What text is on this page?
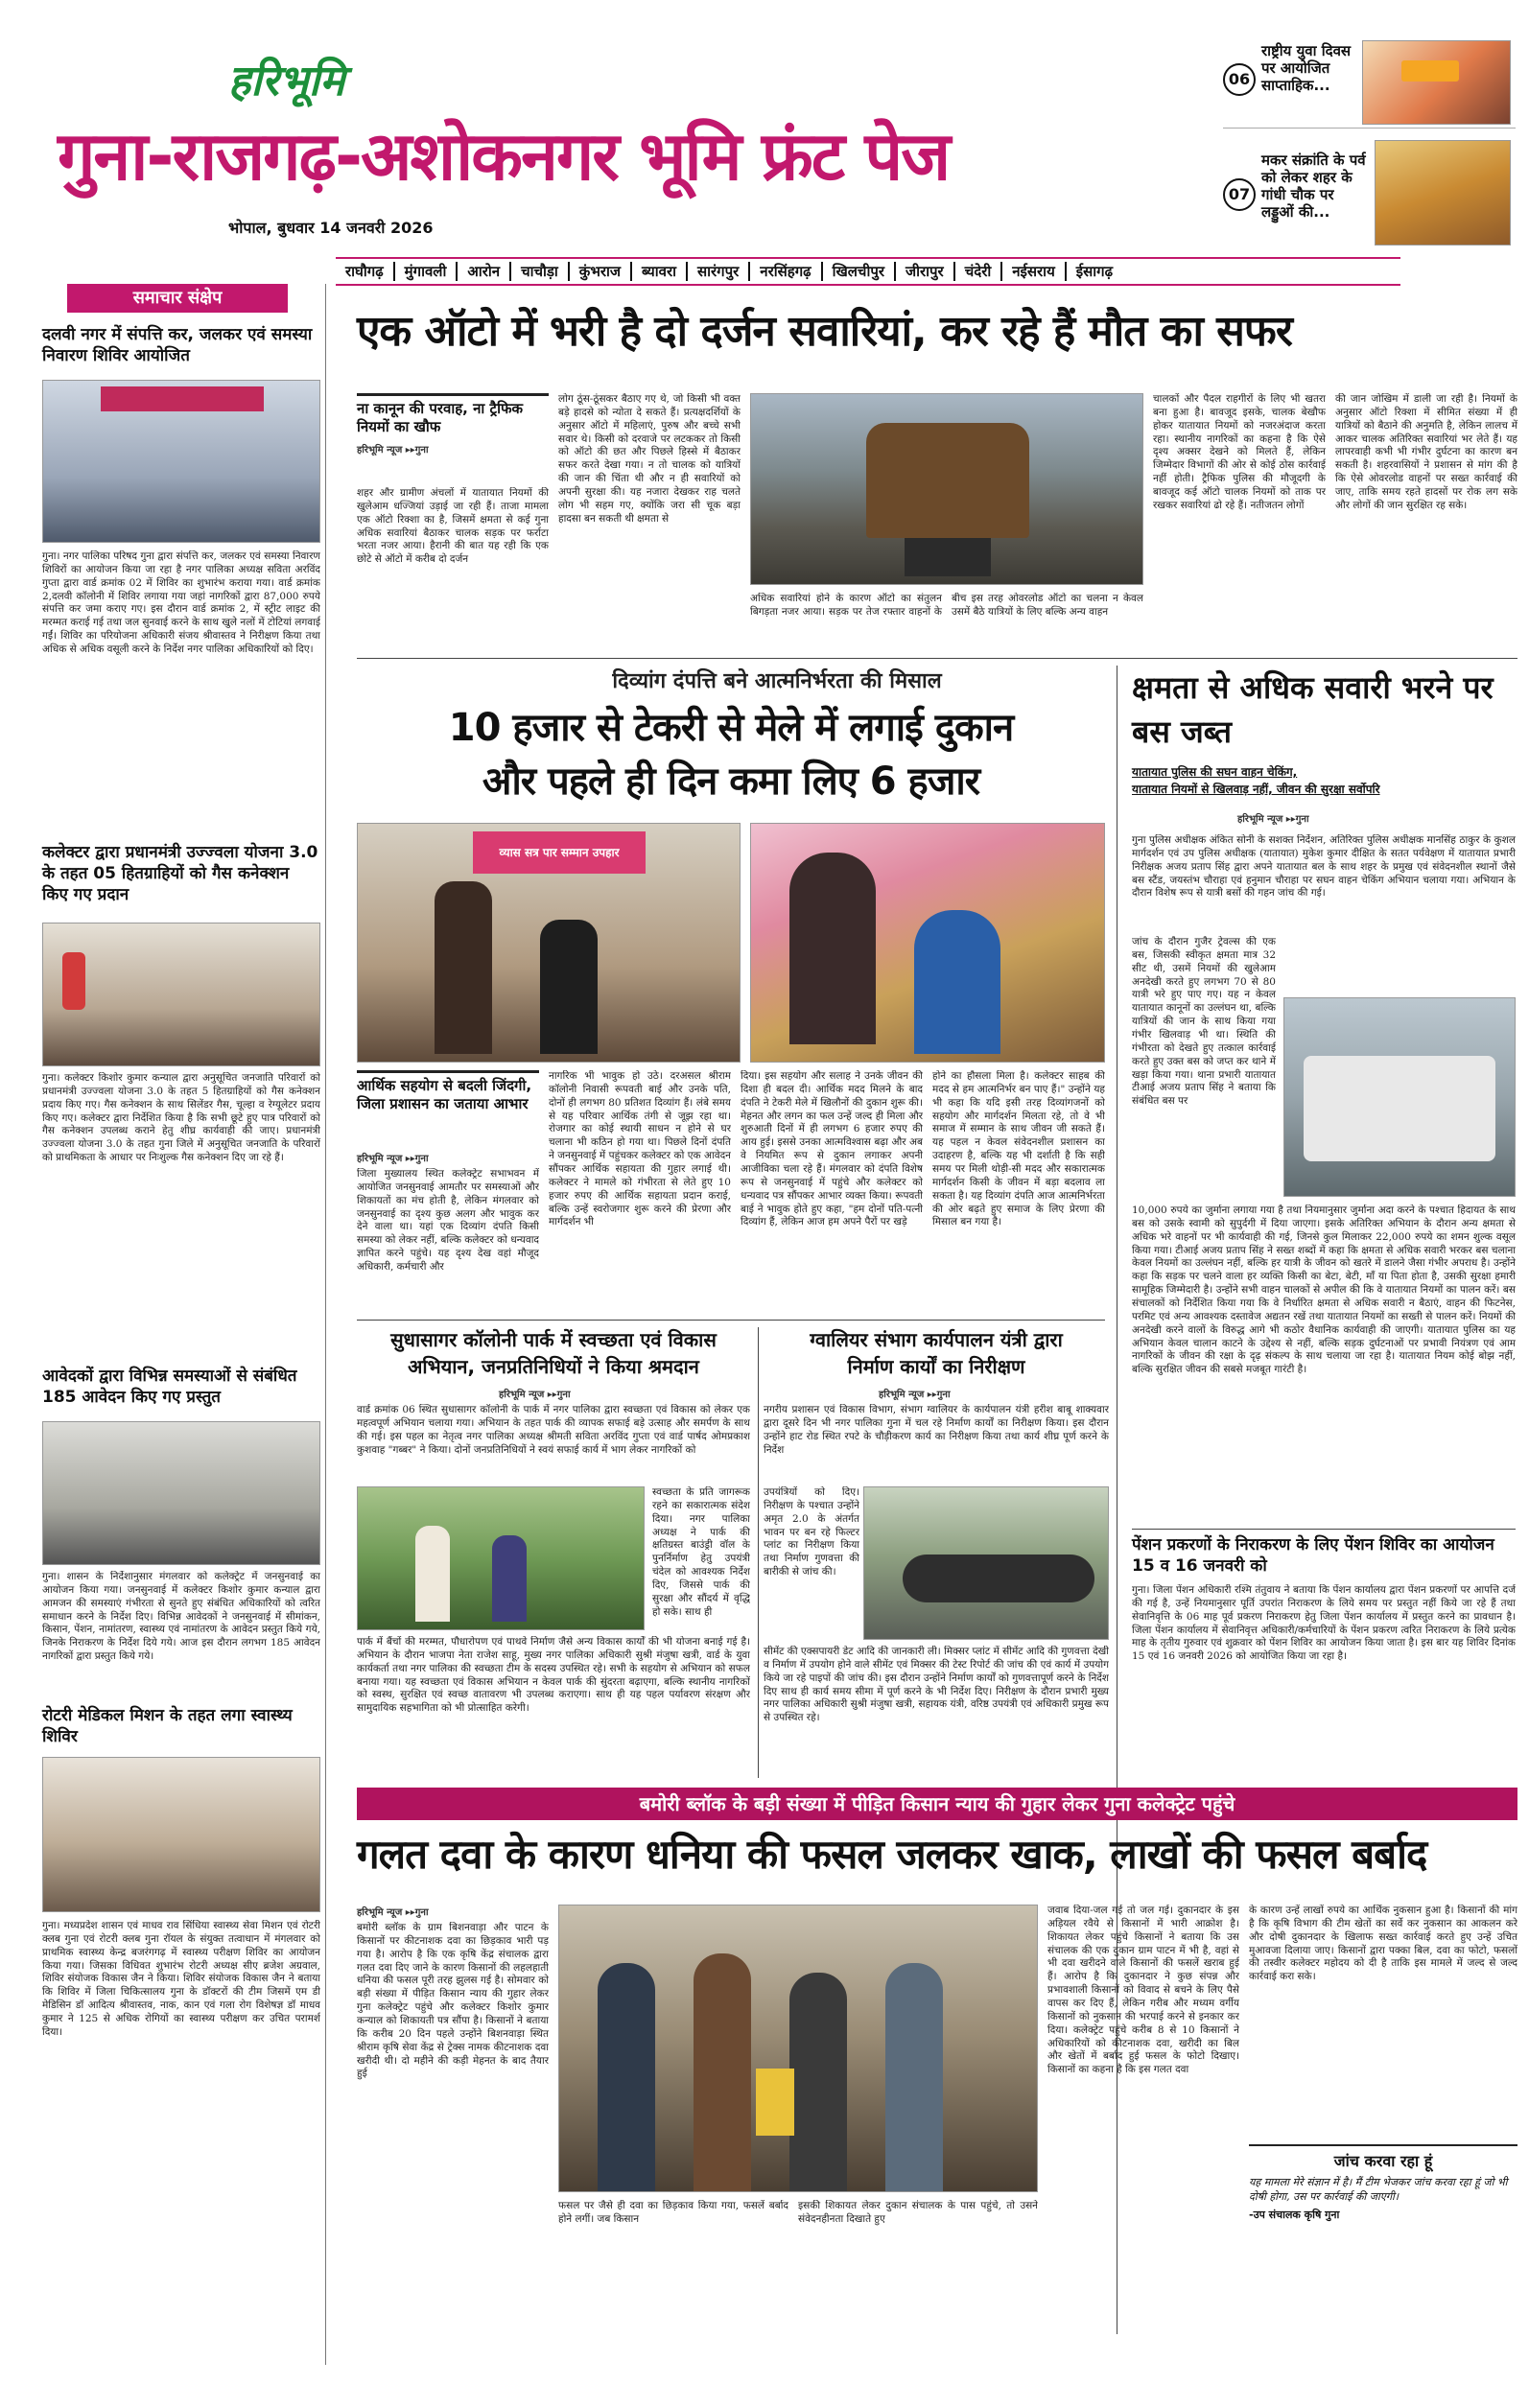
हरिभूमि
गुना-राजगढ़-अशोकनगर भूमि फ्रंट पेज
भोपाल, बुधवार 14 जनवरी 2026
06
राष्ट्रीय युवा दिवस पर आयोजित साप्ताहिक...
07
मकर संक्रांति के पर्व को लेकर शहर के गांधी चौक पर लड्डुओं की...
राघौगढ़	मुंगावली	आरोन	चाचौड़ा	कुंभराज	ब्यावरा	सारंगपुर	नरसिंहगढ़	खिलचीपुर	जीरापुर	चंदेरी	नईसराय	ईसागढ़
समाचार संक्षेप
दलवी नगर में संपत्ति कर, जलकर एवं समस्या निवारण शिविर आयोजित
गुना। नगर पालिका परिषद गुना द्वारा संपत्ति कर, जलकर एवं समस्या निवारण शिविरों का आयोजन किया जा रहा है नगर पालिका अध्यक्ष सविता अरविंद गुप्ता द्वारा वार्ड क्रमांक 02 में शिविर का शुभारंभ कराया गया। वार्ड क्रमांक 2,दलवी कॉलोनी में शिविर लगाया गया जहां नागरिकों द्वारा 87,000 रुपये संपत्ति कर जमा कराए गए। इस दौरान वार्ड क्रमांक 2, में स्ट्रीट लाइट की मरम्मत कराई गई तथा जल सुनवाई करने के साथ खुले नलों में टोटियां लगवाई गईं। शिविर का परियोजना अधिकारी संजय श्रीवास्तव ने निरीक्षण किया तथा अधिक से अधिक वसूली करने के निर्देश नगर पालिका अधिकारियों को दिए।
कलेक्टर द्वारा प्रधानमंत्री उज्ज्वला योजना 3.0 के तहत 05 हितग्राहियों को गैस कनेक्शन किए गए प्रदान
गुना। कलेक्टर किशोर कुमार कन्याल द्वारा अनुसूचित जनजाति परिवारों को प्रधानमंत्री उज्ज्वला योजना 3.0 के तहत 5 हितग्राहियों को गैस कनेक्शन प्रदाय किए गए। गैस कनेक्शन के साथ सिलेंडर गैस, चूल्हा व रेग्यूलेटर प्रदाय किए गए। कलेक्टर द्वारा निर्देशित किया है कि सभी छूटे हुए पात्र परिवारों को गैस कनेक्शन उपलब्ध कराने हेतु शीघ्र कार्यवाही की जाए। प्रधानमंत्री उज्ज्वला योजना 3.0 के तहत गुना जिले में अनुसूचित जनजाति के परिवारों को प्राथमिकता के आधार पर निःशुल्क गैस कनेक्शन दिए जा रहे हैं।
आवेदकों द्वारा विभिन्न समस्याओं से संबंधित 185 आवेदन किए गए प्रस्तुत
गुना। शासन के निर्देशानुसार मंगलवार को कलेक्ट्रेट में जनसुनवाई का आयोजन किया गया। जनसुनवाई में कलेक्टर किशोर कुमार कन्याल द्वारा आमजन की समस्याएं गंभीरता से सुनते हुए संबंधित अधिकारियों को त्वरित समाधान करने के निर्देश दिए। विभिन्न आवेदकों ने जनसुनवाई में सीमांकन, किसान, पेंशन, नामांतरण, स्वास्थ्य एवं नामांतरण के आवेदन प्रस्तुत किये गये, जिनके निराकरण के निर्देश दिये गये। आज इस दौरान लगभग 185 आवेदन नागरिकों द्वारा प्रस्तुत किये गये।
रोटरी मेडिकल मिशन के तहत लगा स्वास्थ्य शिविर
गुना। मध्यप्रदेश शासन एवं माधव राव सिंधिया स्वास्थ्य सेवा मिशन एवं रोटरी क्लब गुना एवं रोटरी क्लब गुना रॉयल के संयुक्त तत्वाधान में मंगलवार को प्राथमिक स्वास्थ्य केन्द्र बजरंगगढ़ में स्वास्थ्य परीक्षण शिविर का आयोजन किया गया। जिसका विधिवत शुभारंभ रोटरी अध्यक्ष सीए ब्रजेश अग्रवाल, शिविर संयोजक विकास जैन ने किया। शिविर संयोजक विकास जैन ने बताया कि शिविर में जिला चिकित्सालय गुना के डॉक्टरों की टीम जिसमें एम डी मेडिसिन डॉ आदित्य श्रीवास्तव, नाक, कान एवं गला रोग विशेषज्ञ डॉ माधव कुमार ने 125 से अधिक रोगियों का स्वास्थ्य परीक्षण कर उचित परामर्श दिया।
एक ऑटो में भरी है दो दर्जन सवारियां, कर रहे हैं मौत का सफर
ना कानून की परवाह, ना ट्रैफिक नियमों का खौफ
हरिभूमि न्यूज ▸▸गुना
शहर और ग्रामीण अंचलों में यातायात नियमों की खुलेआम धज्जियां उड़ाई जा रही हैं। ताजा मामला एक ऑटो रिक्शा का है, जिसमें क्षमता से कई गुना अधिक सवारियां बैठाकर चालक सड़क पर फर्राटा भरता नजर आया। हैरानी की बात यह रही कि एक छोटे से ऑटो में करीब दो दर्जन
लोग ठूंस-ठूंसकर बैठाए गए थे, जो किसी भी वक्त बड़े हादसे को न्योता दे सकते हैं। प्रत्यक्षदर्शियों के अनुसार ऑटो में महिलाएं, पुरुष और बच्चे सभी सवार थे। किसी को दरवाजे पर लटककर तो किसी को ऑटो की छत और पिछले हिस्से में बैठाकर सफर करते देखा गया। न तो चालक को यात्रियों की जान की चिंता थी और न ही सवारियों को अपनी सुरक्षा की। यह नजारा देखकर राह चलते लोग भी सहम गए, क्योंकि जरा सी चूक बड़ा हादसा बन सकती थी क्षमता से
अधिक सवारियां होने के कारण ऑटो का संतुलन बिगड़ता नजर आया। सड़क पर तेज रफ्तार वाहनों के बीच इस तरह ओवरलोड ऑटो का चलना न केवल उसमें बैठे यात्रियों के लिए बल्कि अन्य वाहन
चालकों और पैदल राहगीरों के लिए भी खतरा बना हुआ है। बावजूद इसके, चालक बेखौफ होकर यातायात नियमों को नजरअंदाज करता रहा। स्थानीय नागरिकों का कहना है कि ऐसे दृश्य अक्सर देखने को मिलते हैं, लेकिन जिम्मेदार विभागों की ओर से कोई ठोस कार्रवाई नहीं होती। ट्रैफिक पुलिस की मौजूदगी के बावजूद कई ऑटो चालक नियमों को ताक पर रखकर सवारियां ढो रहे हैं। नतीजतन लोगों
की जान जोखिम में डाली जा रही है। नियमों के अनुसार ऑटो रिक्शा में सीमित संख्या में ही यात्रियों को बैठाने की अनुमति है, लेकिन लालच में आकर चालक अतिरिक्त सवारियां भर लेते हैं। यह लापरवाही कभी भी गंभीर दुर्घटना का कारण बन सकती है। शहरवासियों ने प्रशासन से मांग की है कि ऐसे ओवरलोड वाहनों पर सख्त कार्रवाई की जाए, ताकि समय रहते हादसों पर रोक लग सके और लोगों की जान सुरक्षित रह सके।
दिव्यांग दंपत्ति बने आत्मनिर्भरता की मिसाल
10 हजार से टेकरी से मेले में लगाई दुकान
और पहले ही दिन कमा लिए 6 हजार
व्यास सत्र पार सम्मान उपहार
आर्थिक सहयोग से बदली जिंदगी, जिला प्रशासन का जताया आभार
हरिभूमि न्यूज ▸▸गुना
जिला मुख्यालय स्थित कलेक्ट्रेट सभाभवन में आयोजित जनसुनवाई आमतौर पर समस्याओं और शिकायतों का मंच होती है, लेकिन मंगलवार को जनसुनवाई का दृश्य कुछ अलग और भावुक कर देने वाला था। यहां एक दिव्यांग दंपति किसी समस्या को लेकर नहीं, बल्कि कलेक्टर को धन्यवाद ज्ञापित करने पहुंचे। यह दृश्य देख वहां मौजूद अधिकारी, कर्मचारी और
नागरिक भी भावुक हो उठे। दरअसल श्रीराम कॉलोनी निवासी रूपवती बाई और उनके पति, दोनों ही लगभग 80 प्रतिशत दिव्यांग हैं। लंबे समय से यह परिवार आर्थिक तंगी से जूझ रहा था। रोजगार का कोई स्थायी साधन न होने से घर चलाना भी कठिन हो गया था। पिछले दिनों दंपति ने जनसुनवाई में पहुंचकर कलेक्टर को एक आवेदन सौंपकर आर्थिक सहायता की गुहार लगाई थी। कलेक्टर ने मामले को गंभीरता से लेते हुए 10 हजार रुपए की आर्थिक सहायता प्रदान कराई, बल्कि उन्हें स्वरोजगार शुरू करने की प्रेरणा और मार्गदर्शन भी
दिया। इस सहयोग और सलाह ने उनके जीवन की दिशा ही बदल दी। आर्थिक मदद मिलने के बाद दंपति ने टेकरी मेले में खिलौनों की दुकान शुरू की। मेहनत और लगन का फल उन्हें जल्द ही मिला और शुरुआती दिनों में ही लगभग 6 हजार रुपए की आय हुई। इससे उनका आत्मविश्वास बढ़ा और अब वे नियमित रूप से दुकान लगाकर अपनी आजीविका चला रहे हैं। मंगलवार को दंपति विशेष रूप से जनसुनवाई में पहुंचे और कलेक्टर को धन्यवाद पत्र सौंपकर आभार व्यक्त किया। रूपवती बाई ने भावुक होते हुए कहा, "हम दोनों पति-पत्नी दिव्यांग हैं, लेकिन आज हम अपने पैरों पर खड़े
होने का हौसला मिला है। कलेक्टर साहब की मदद से हम आत्मनिर्भर बन पाए हैं।" उन्होंने यह भी कहा कि यदि इसी तरह दिव्यांगजनों को सहयोग और मार्गदर्शन मिलता रहे, तो वे भी समाज में सम्मान के साथ जीवन जी सकते हैं। यह पहल न केवल संवेदनशील प्रशासन का उदाहरण है, बल्कि यह भी दर्शाती है कि सही समय पर मिली थोड़ी-सी मदद और सकारात्मक मार्गदर्शन किसी के जीवन में बड़ा बदलाव ला सकता है। यह दिव्यांग दंपति आज आत्मनिर्भरता की ओर बढ़ते हुए समाज के लिए प्रेरणा की मिसाल बन गया है।
क्षमता से अधिक सवारी भरने पर बस जब्त
यातायात पुलिस की सघन वाहन चेकिंग,
यातायात नियमों से खिलवाड़ नहीं, जीवन की सुरक्षा सर्वोपरि
हरिभूमि न्यूज ▸▸गुना
गुना पुलिस अधीक्षक अंकित सोनी के सशक्त निर्देशन, अतिरिक्त पुलिस अधीक्षक मानसिंह ठाकुर के कुशल मार्गदर्शन एवं उप पुलिस अधीक्षक (यातायात) मुकेश कुमार दीक्षित के सतत पर्यवेक्षण में यातायात प्रभारी निरीक्षक अजय प्रताप सिंह द्वारा अपने यातायात बल के साथ शहर के प्रमुख एवं संवेदनशील स्थानों जैसे बस स्टैंड, जयस्तंभ चौराहा एवं हनुमान चौराहा पर सघन वाहन चेकिंग अभियान चलाया गया। अभियान के दौरान विशेष रूप से यात्री बसों की गहन जांच की गई।
जांच के दौरान गुजैर ट्रेवल्स की एक बस, जिसकी स्वीकृत क्षमता मात्र 32 सीट थी, उसमें नियमों की खुलेआम अनदेखी करते हुए लगभग 70 से 80 यात्री भरे हुए पाए गए। यह न केवल यातायात कानूनों का उल्लंघन था, बल्कि यात्रियों की जान के साथ किया गया गंभीर खिलवाड़ भी था। स्थिति की गंभीरता को देखते हुए तत्काल कार्रवाई करते हुए उक्त बस को जप्त कर थाने में खड़ा किया गया। थाना प्रभारी यातायात टीआई अजय प्रताप सिंह ने बताया कि संबंधित बस पर
10,000 रुपये का जुर्माना लगाया गया है तथा नियमानुसार जुर्माना अदा करने के पश्चात हिदायत के साथ बस को उसके स्वामी को सुपुर्दगी में दिया जाएगा। इसके अतिरिक्त अभियान के दौरान अन्य क्षमता से अधिक भरे वाहनों पर भी कार्यवाही की गई, जिनसे कुल मिलाकर 22,000 रुपये का शमन शुल्क वसूल किया गया। टीआई अजय प्रताप सिंह ने सख्त शब्दों में कहा कि क्षमता से अधिक सवारी भरकर बस चलाना केवल नियमों का उल्लंघन नहीं, बल्कि हर यात्री के जीवन को खतरे में डालने जैसा गंभीर अपराध है। उन्होंने कहा कि सड़क पर चलने वाला हर व्यक्ति किसी का बेटा, बेटी, माँ या पिता होता है, उसकी सुरक्षा हमारी सामूहिक जिम्मेदारी है। उन्होंने सभी वाहन चालकों से अपील की कि वे यातायात नियमों का पालन करें। बस संचालकों को निर्देशित किया गया कि वे निर्धारित क्षमता से अधिक सवारी न बैठाएं, वाहन की फिटनेस, परमिट एवं अन्य आवश्यक दस्तावेज अद्यतन रखें तथा यातायात नियमों का सख्ती से पालन करें। नियमों की अनदेखी करने वालों के विरुद्ध आगे भी कठोर वैधानिक कार्यवाही की जाएगी। यातायात पुलिस का यह अभियान केवल चालान काटने के उद्देश्य से नहीं, बल्कि सड़क दुर्घटनाओं पर प्रभावी नियंत्रण एवं आम नागरिकों के जीवन की रक्षा के दृढ़ संकल्प के साथ चलाया जा रहा है। यातायात नियम कोई बोझ नहीं, बल्कि सुरक्षित जीवन की सबसे मजबूत गारंटी है।
पेंशन प्रकरणों के निराकरण के लिए पेंशन शिविर का आयोजन 15 व 16 जनवरी को
गुना। जिला पेंशन अधिकारी रश्मि तंतुवाय ने बताया कि पेंशन कार्यालय द्वारा पेंशन प्रकरणों पर आपत्ति दर्ज की गई है, उन्हें नियमानुसार पूर्ति उपरांत निराकरण के लिये समय पर प्रस्तुत नहीं किये जा रहे हैं तथा सेवानिवृत्ति के 06 माह पूर्व प्रकरण निराकरण हेतु जिला पेंशन कार्यालय में प्रस्तुत करने का प्रावधान है। जिला पेंशन कार्यालय में सेवानिवृत्त अधिकारी/कर्मचारियों के पेंशन प्रकरण त्वरित निराकरण के लिये प्रत्येक माह के तृतीय गुरुवार एवं शुक्रवार को पेंशन शिविर का आयोजन किया जाता है। इस बार यह शिविर दिनांक 15 एवं 16 जनवरी 2026 को आयोजित किया जा रहा है।
सुधासागर कॉलोनी पार्क में स्वच्छता एवं विकास
अभियान, जनप्रतिनिधियों ने किया श्रमदान
हरिभूमि न्यूज ▸▸गुना
वार्ड क्रमांक 06 स्थित सुधासागर कॉलोनी के पार्क में नगर पालिका द्वारा स्वच्छता एवं विकास को लेकर एक महत्वपूर्ण अभियान चलाया गया। अभियान के तहत पार्क की व्यापक सफाई बड़े उत्साह और समर्पण के साथ की गई। इस पहल का नेतृत्व नगर पालिका अध्यक्ष श्रीमती सविता अरविंद गुप्ता एवं वार्ड पार्षद ओमप्रकाश कुशवाह "गब्बर" ने किया। दोनों जनप्रतिनिधियों ने स्वयं सफाई कार्य में भाग लेकर नागरिकों को
स्वच्छता के प्रति जागरूक रहने का सकारात्मक संदेश दिया। नगर पालिका अध्यक्ष ने पार्क की क्षतिग्रस्त बाउंड्री वॉल के पुनर्निर्माण हेतु उपयंत्री चंदेल को आवश्यक निर्देश दिए, जिससे पार्क की सुरक्षा और सौंदर्य में वृद्धि हो सके। साथ ही
पार्क में बैंचों की मरम्मत, पौधारोपण एवं पाथवे निर्माण जैसे अन्य विकास कार्यों की भी योजना बनाई गई है। अभियान के दौरान भाजपा नेता राजेश साहू, मुख्य नगर पालिका अधिकारी सुश्री मंजुषा खत्री, वार्ड के युवा कार्यकर्ता तथा नगर पालिका की स्वच्छता टीम के सदस्य उपस्थित रहे। सभी के सहयोग से अभियान को सफल बनाया गया। यह स्वच्छता एवं विकास अभियान न केवल पार्क की सुंदरता बढ़ाएगा, बल्कि स्थानीय नागरिकों को स्वस्थ, सुरक्षित एवं स्वच्छ वातावरण भी उपलब्ध कराएगा। साथ ही यह पहल पर्यावरण संरक्षण और सामुदायिक सहभागिता को भी प्रोत्साहित करेगी।
ग्वालियर संभाग कार्यपालन यंत्री द्वारा
निर्माण कार्यों का निरीक्षण
हरिभूमि न्यूज ▸▸गुना
नगरीय प्रशासन एवं विकास विभाग, संभाग ग्वालियर के कार्यपालन यंत्री हरीश बाबू शाक्यवार द्वारा दूसरे दिन भी नगर पालिका गुना में चल रहे निर्माण कार्यों का निरीक्षण किया। इस दौरान उन्होंने हाट रोड स्थित रपटे के चौड़ीकरण कार्य का निरीक्षण किया तथा कार्य शीघ्र पूर्ण करने के निर्देश
उपयंत्रियों को दिए। निरीक्षण के पश्चात उन्होंने अमृत 2.0 के अंतर्गत भावन पर बन रहे फिल्टर प्लांट का निरीक्षण किया तथा निर्माण गुणवत्ता की बारीकी से जांच की।
सीमेंट की एक्सपायरी डेट आदि की जानकारी ली। मिक्सर प्लांट में सीमेंट आदि की गुणवत्ता देखी व निर्माण में उपयोग होने वाले सीमेंट एवं मिक्सर की टेस्ट रिपोर्ट की जांच की एवं कार्य में उपयोग किये जा रहे पाइपों की जांच की। इस दौरान उन्होंने निर्माण कार्यों को गुणवत्तापूर्ण करने के निर्देश दिए साथ ही कार्य समय सीमा में पूर्ण करने के भी निर्देश दिए। निरीक्षण के दौरान प्रभारी मुख्य नगर पालिका अधिकारी सुश्री मंजुषा खत्री, सहायक यंत्री, वरिष्ठ उपयंत्री एवं अधिकारी प्रमुख रूप से उपस्थित रहे।
बमोरी ब्लॉक के बड़ी संख्या में पीड़ित किसान न्याय की गुहार लेकर गुना कलेक्ट्रेट पहुंचे
गलत दवा के कारण धनिया की फसल जलकर खाक, लाखों की फसल बर्बाद
हरिभूमि न्यूज ▸▸गुना
बमोरी ब्लॉक के ग्राम बिशनवाड़ा और पाटन के किसानों पर कीटनाशक दवा का छिड़काव भारी पड़ गया है। आरोप है कि एक कृषि केंद्र संचालक द्वारा गलत दवा दिए जाने के कारण किसानों की लहलहाती धनिया की फसल पूरी तरह झुलस गई है। सोमवार को बड़ी संख्या में पीड़ित किसान न्याय की गुहार लेकर गुना कलेक्ट्रेट पहुंचे और कलेक्टर किशोर कुमार कन्याल को शिकायती पत्र सौंपा है। किसानों ने बताया कि करीब 20 दिन पहले उन्होंने बिशनवाड़ा स्थित श्रीराम कृषि सेवा केंद्र से ट्रेक्स नामक कीटनाशक दवा खरीदी थी। दो महीने की कड़ी मेहनत के बाद तैयार हुई
फसल पर जैसे ही दवा का छिड़काव किया गया, फसलें बर्बाद होने लगीं। जब किसान
इसकी शिकायत लेकर दुकान संचालक के पास पहुंचे, तो उसने संवेदनहीनता दिखाते हुए
जवाब दिया-जल गई तो जल गई। दुकानदार के इस अड़ियल रवैये से किसानों में भारी आक्रोश है। शिकायत लेकर पहुंचे किसानों ने बताया कि उस संचालक की एक दुकान ग्राम पाटन में भी है, वहां से भी दवा खरीदने वाले किसानों की फसलें खराब हुई हैं। आरोप है कि दुकानदार ने कुछ संपन्न और प्रभावशाली किसानों को विवाद से बचने के लिए पैसे वापस कर दिए हैं, लेकिन गरीब और मध्यम वर्गीय किसानों को नुकसान की भरपाई करने से इनकार कर दिया। कलेक्ट्रेट पहुंचे करीब 8 से 10 किसानों ने अधिकारियों को कीटनाशक दवा, खरीदी का बिल और खेतों में बर्बाद हुई फसल के फोटो दिखाए। किसानों का कहना है कि इस गलत दवा
के कारण उन्हें लाखों रुपये का आर्थिक नुकसान हुआ है। किसानों की मांग है कि कृषि विभाग की टीम खेतों का सर्वे कर नुकसान का आकलन करे और दोषी दुकानदार के खिलाफ सख्त कार्रवाई करते हुए उन्हें उचित मुआवजा दिलाया जाए। किसानों द्वारा पक्का बिल, दवा का फोटो, फसलों की तस्वीर कलेक्टर महोदय को दी है ताकि इस मामले में जल्द से जल्द कार्रवाई करा सके।
जांच करवा रहा हूं
यह मामला मेरे संज्ञान में है। मैं टीम भेजकर जांच करवा रहा हूं जो भी दोषी होगा, उस पर कार्रवाई की जाएगी।
-उप संचालक कृषि गुना
